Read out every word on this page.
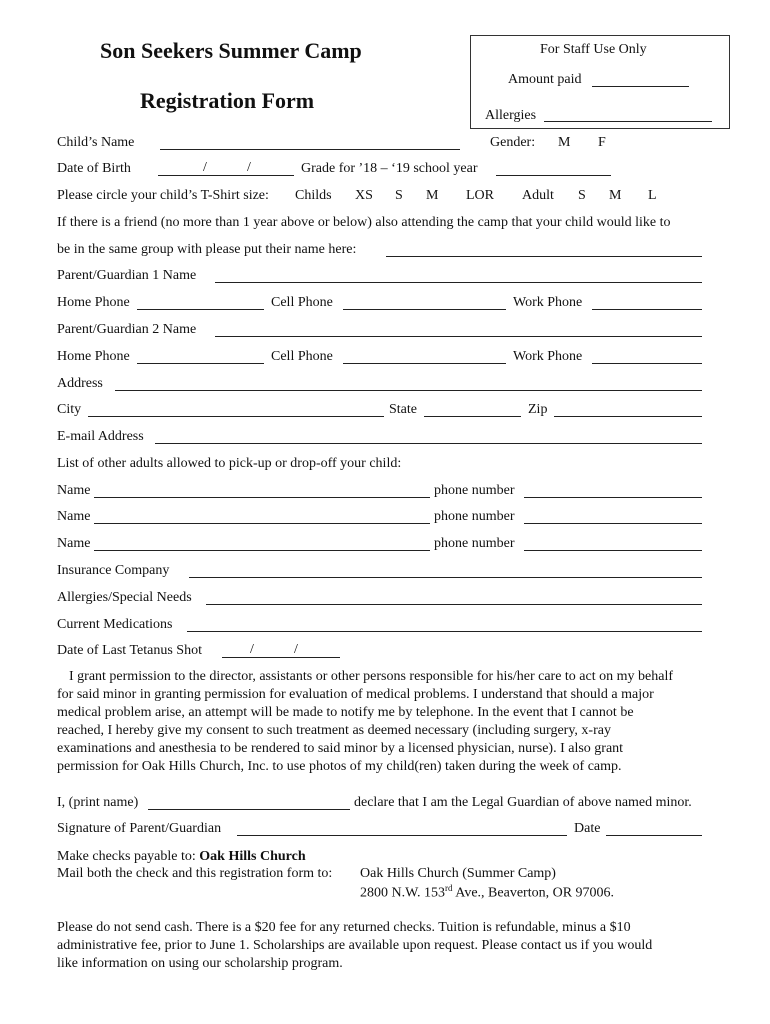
Son Seekers Summer Camp
Registration Form
For Staff Use Only
Amount paid
Allergies
Child’s Name	Gender: M F
Date of Birth	/	/	Grade for ’18 – ‘19 school year
Please circle your child’s T-Shirt size: Childs XS S M LOR Adult S M L
If there is a friend (no more than 1 year above or below) also attending the camp that your child would like to
be in the same group with please put their name here:
Parent/Guardian 1 Name
Home Phone	Cell Phone	Work Phone
Parent/Guardian 2 Name
Home Phone	Cell Phone	Work Phone
Address
City	State	Zip
E-mail Address
List of other adults allowed to pick-up or drop-off your child:
Name	phone number
Name	phone number
Name	phone number
Insurance Company
Allergies/Special Needs
Current Medications
Date of Last Tetanus Shot	/	/
I grant permission to the director, assistants or other persons responsible for his/her care to act on my behalf
for said minor in granting permission for evaluation of medical problems. I understand that should a major
medical problem arise, an attempt will be made to notify me by telephone. In the event that I cannot be
reached, I hereby give my consent to such treatment as deemed necessary (including surgery, x-ray
examinations and anesthesia to be rendered to said minor by a licensed physician, nurse). I also grant
permission for Oak Hills Church, Inc. to use photos of my child(ren) taken during the week of camp.
I, (print name)	declare that I am the Legal Guardian of above named minor.
Signature of Parent/Guardian	Date
Make checks payable to: Oak Hills Church
Mail both the check and this registration form to: Oak Hills Church (Summer Camp)
2800 N.W. 153rd Ave., Beaverton, OR 97006.
Please do not send cash. There is a $20 fee for any returned checks. Tuition is refundable, minus a $10
administrative fee, prior to June 1. Scholarships are available upon request. Please contact us if you would
like information on using our scholarship program.
